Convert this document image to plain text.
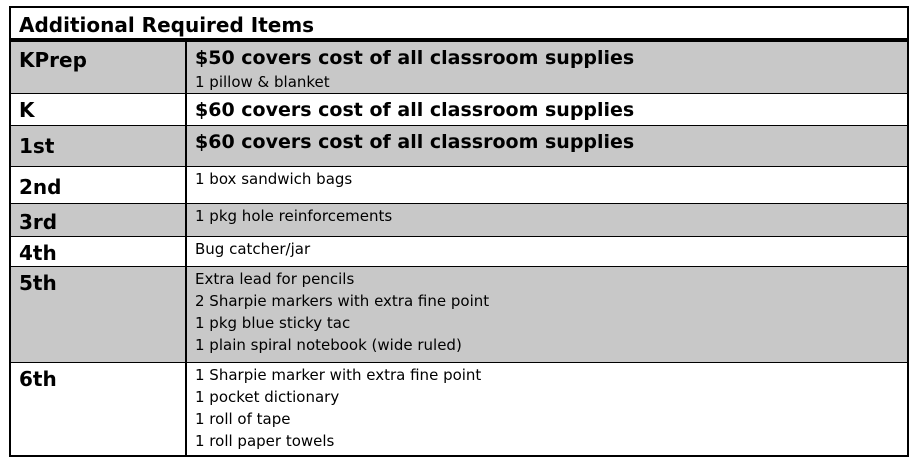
Additional Required Items
KPrep	$50 covers cost of all classroom supplies
1 pillow & blanket
K	$60 covers cost of all classroom supplies
1st	$60 covers cost of all classroom supplies
2nd	1 box sandwich bags
3rd	1 pkg hole reinforcements
4th	Bug catcher/jar
5th	Extra lead for pencils
2 Sharpie markers with extra fine point
1 pkg blue sticky tac
1 plain spiral notebook (wide ruled)
6th	1 Sharpie marker with extra fine point
1 pocket dictionary
1 roll of tape
1 roll paper towels
